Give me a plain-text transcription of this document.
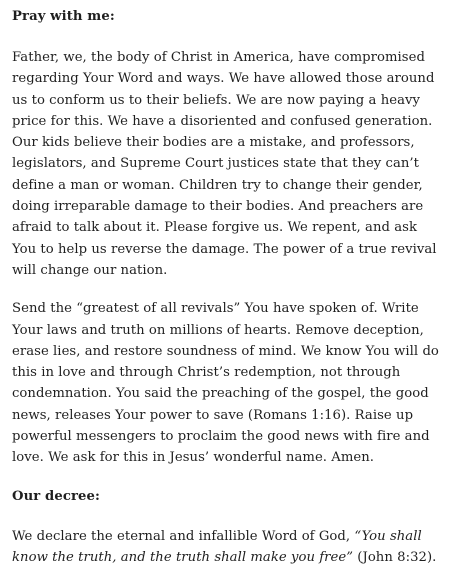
Pray with me:

Father, we, the body of Christ in America, have compromised regarding Your Word and ways. We have allowed those around us to conform us to their beliefs. We are now paying a heavy price for this. We have a disoriented and confused generation. Our kids believe their bodies are a mistake, and professors, legislators, and Supreme Court justices state that they can’t define a man or woman. Children try to change their gender, doing irreparable damage to their bodies. And preachers are afraid to talk about it. Please forgive us. We repent, and ask You to help us reverse the damage. The power of a true revival will change our nation.

Send the “greatest of all revivals” You have spoken of. Write Your laws and truth on millions of hearts. Remove deception, erase lies, and restore soundness of mind. We know You will do this in love and through Christ’s redemption, not through condemnation. You said the preaching of the gospel, the good news, releases Your power to save (Romans 1:16). Raise up powerful messengers to proclaim the good news with fire and love. We ask for this in Jesus’ wonderful name. Amen.

Our decree:

We declare the eternal and infallible Word of God, “You shall know the truth, and the truth shall make you free” (John 8:32).
